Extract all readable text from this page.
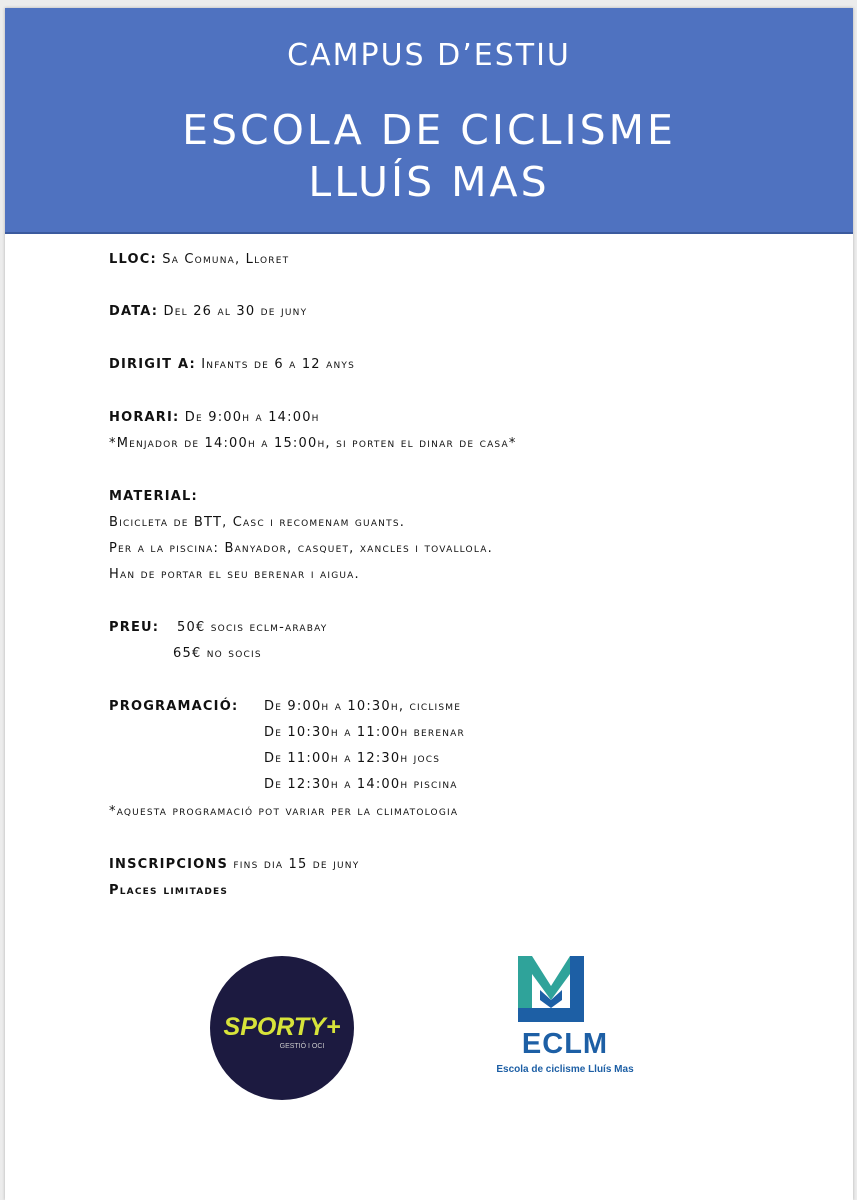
CAMPUS D’ESTIU
ESCOLA DE CICLISME
LLUÍS MAS
LLOC: Sa Comuna, Lloret
DATA: Del 26 al 30 de juny
DIRIGIT A: Infants de 6 a 12 anys
HORARI: De 9:00h a 14:00h
*Menjador de 14:00h a 15:00h, si porten el dinar de casa*
MATERIAL:
Bicicleta de BTT, Casc i recomenam guants.
Per a la piscina: Banyador, casquet, xancles i tovallola.
Han de portar el seu berenar i aigua.
PREU: 50€ socis eclm-arabay
65€ no socis
PROGRAMACIÓ: De 9:00h a 10:30h, ciclisme
De 10:30h a 11:00h berenar
De 11:00h a 12:30h jocs
De 12:30h a 14:00h piscina
*aquesta programació pot variar per la climatologia
INSCRIPCIONS fins dia 15 de juny
Places limitades
SPORTY+
GESTIÓ I OCI	ECLM
Escola de ciclisme Lluís Mas
